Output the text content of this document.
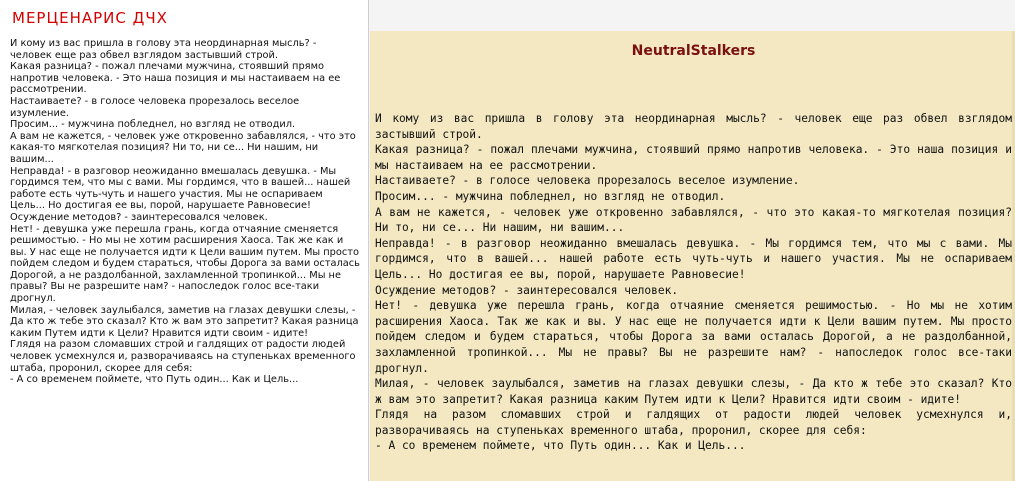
МЕРЦЕНАРИС ДЧХ
И кому из вас пришла в голову эта неординарная мысль? - человек еще раз обвел взглядом застывший строй.
Какая разница? - пожал плечами мужчина, стоявший прямо напротив человека. - Это наша позиция и мы настаиваем на ее рассмотрении.
Настаиваете? - в голосе человека прорезалось веселое изумление.
Просим... - мужчина побледнел, но взгляд не отводил.
А вам не кажется, - человек уже откровенно забавлялся, - что это какая-то мягкотелая позиция? Ни то, ни се... Ни нашим, ни вашим...
Неправда! - в разговор неожиданно вмешалась девушка. - Мы гордимся тем, что мы с вами. Мы гордимся, что в вашей... нашей работе есть чуть-чуть и нашего участия. Мы не оспариваем Цель... Но достигая ее вы, порой, нарушаете Равновесие!
Осуждение методов? - заинтересовался человек.
Нет! - девушка уже перешла грань, когда отчаяние сменяется решимостью. - Но мы не хотим расширения Хаоса. Так же как и вы. У нас еще не получается идти к Цели вашим путем. Мы просто пойдем следом и будем стараться, чтобы Дорога за вами осталась Дорогой, а не раздолбанной, захламленной тропинкой... Мы не правы? Вы не разрешите нам? - напоследок голос все-таки дрогнул.
Милая, - человек заулыбался, заметив на глазах девушки слезы, - Да кто ж тебе это сказал? Кто ж вам это запретит? Какая разница каким Путем идти к Цели? Нравится идти своим - идите!
Глядя на разом сломавших строй и галдящих от радости людей человек усмехнулся и, разворачиваясь на ступеньках временного штаба, проронил, скорее для себя:
- А со временем поймете, что Путь один... Как и Цель...
NeutralStalkers
И кому из вас пришла в голову эта неординарная мысль? - человек еще раз обвел взглядом застывший строй.
Какая разница? - пожал плечами мужчина, стоявший прямо напротив человека. - Это наша позиция и мы настаиваем на ее рассмотрении.
Настаиваете? - в голосе человека прорезалось веселое изумление.
Просим... - мужчина побледнел, но взгляд не отводил.
А вам не кажется, - человек уже откровенно забавлялся, - что это какая-то мягкотелая позиция? Ни то, ни се... Ни нашим, ни вашим...
Неправда! - в разговор неожиданно вмешалась девушка. - Мы гордимся тем, что мы с вами. Мы гордимся, что в вашей... нашей работе есть чуть-чуть и нашего участия. Мы не оспариваем Цель... Но достигая ее вы, порой, нарушаете Равновесие!
Осуждение методов? - заинтересовался человек.
Нет! - девушка уже перешла грань, когда отчаяние сменяется решимостью. - Но мы не хотим расширения Хаоса. Так же как и вы. У нас еще не получается идти к Цели вашим путем. Мы просто пойдем следом и будем стараться, чтобы Дорога за вами осталась Дорогой, а не раздолбанной, захламленной тропинкой... Мы не правы? Вы не разрешите нам? - напоследок голос все-таки дрогнул.
Милая, - человек заулыбался, заметив на глазах девушки слезы, - Да кто ж тебе это сказал? Кто ж вам это запретит? Какая разница каким Путем идти к Цели? Нравится идти своим - идите!
Глядя на разом сломавших строй и галдящих от радости людей человек усмехнулся и, разворачиваясь на ступеньках временного штаба, проронил, скорее для себя:
- А со временем поймете, что Путь один... Как и Цель...
